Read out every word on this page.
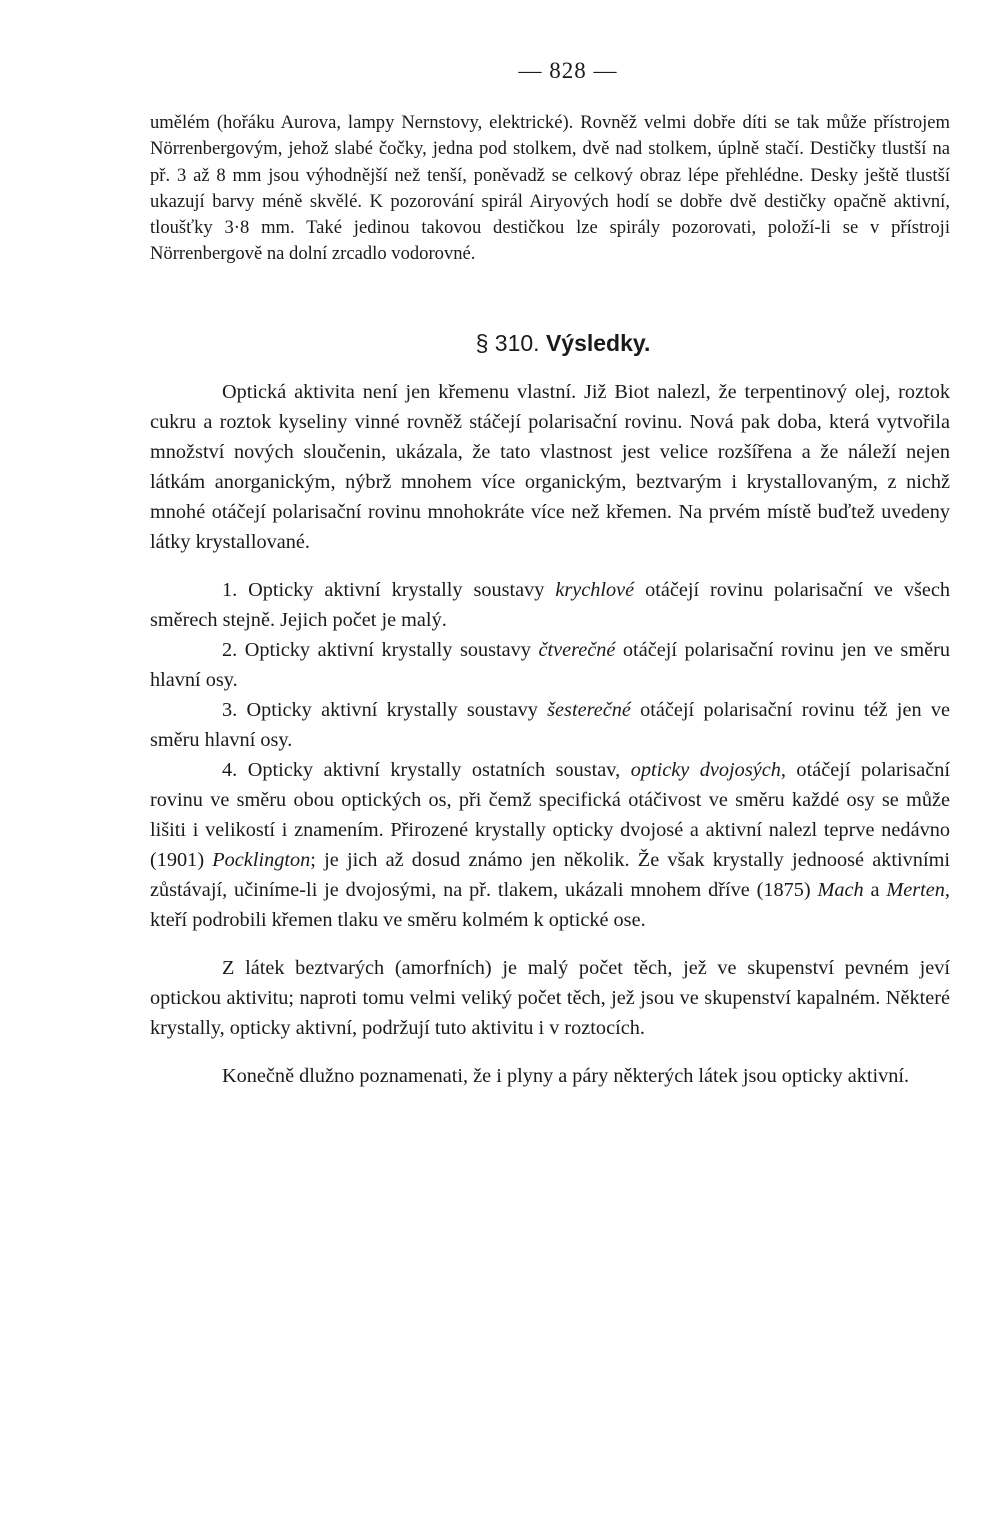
— 828 —

umělém (hořáku Aurova, lampy Nernstovy, elektrické). Rovněž velmi dobře díti se tak může přístrojem Nörrenbergovým, jehož slabé čočky, jedna pod stolkem, dvě nad stolkem, úplně stačí. Destičky tlustší na př. 3 až 8 mm jsou výhodnější než tenší, poněvadž se celkový obraz lépe přehlédne. Desky ještě tlustší ukazují barvy méně skvělé. K pozorování spirál Airyových hodí se dobře dvě destičky opačně aktivní, tloušťky 3·8 mm. Také jedinou takovou destičkou lze spirály pozorovati, položí-li se v přístroji Nörrenbergově na dolní zrcadlo vodorovné.

§ 310. Výsledky.

Optická aktivita není jen křemenu vlastní. Již Biot nalezl, že terpentinový olej, roztok cukru a roztok kyseliny vinné rovněž stáčejí polarisační rovinu. Nová pak doba, která vytvořila množství nových sloučenin, ukázala, že tato vlastnost jest velice rozšířena a že náleží nejen látkám anorganickým, nýbrž mnohem více organickým, beztvarým i krystallovaným, z nichž mnohé otáčejí polarisační rovinu mnohokráte více než křemen. Na prvém místě buďtež uvedeny látky krystallované.

1. Opticky aktivní krystally soustavy krychlové otáčejí rovinu polarisační ve všech směrech stejně. Jejich počet je malý.

2. Opticky aktivní krystally soustavy čtverečné otáčejí polarisační rovinu jen ve směru hlavní osy.

3. Opticky aktivní krystally soustavy šesterečné otáčejí polarisační rovinu též jen ve směru hlavní osy.

4. Opticky aktivní krystally ostatních soustav, opticky dvojosých, otáčejí polarisační rovinu ve směru obou optických os, při čemž specifická otáčivost ve směru každé osy se může lišiti i velikostí i znamením. Přirozené krystally opticky dvojosé a aktivní nalezl teprve nedávno (1901) Pocklington; je jich až dosud známo jen několik. Že však krystally jednoosé aktivními zůstávají, učiníme-li je dvojosými, na př. tlakem, ukázali mnohem dříve (1875) Mach a Merten, kteří podrobili křemen tlaku ve směru kolmém k optické ose.

Z látek beztvarých (amorfních) je malý počet těch, jež ve skupenství pevném jeví optickou aktivitu; naproti tomu velmi veliký počet těch, jež jsou ve skupenství kapalném. Některé krystally, opticky aktivní, podržují tuto aktivitu i v roztocích.

Konečně dlužno poznamenati, že i plyny a páry některých látek jsou opticky aktivní.
